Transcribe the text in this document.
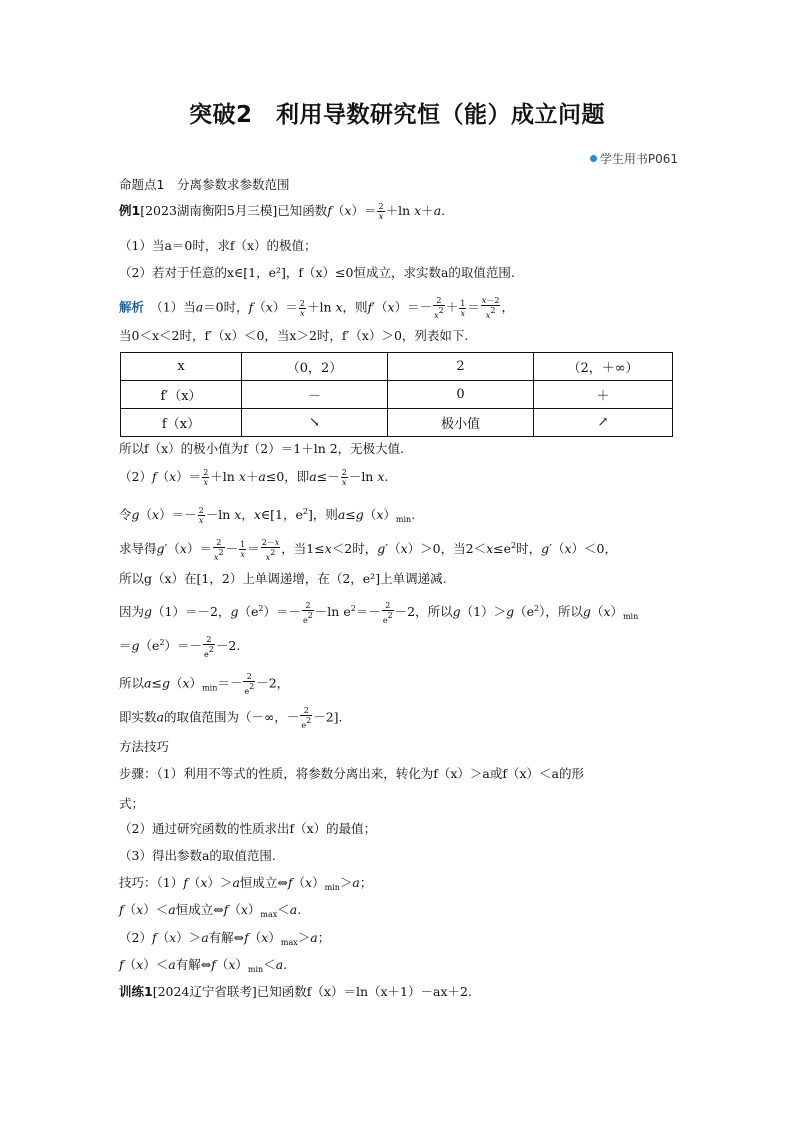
突破2　利用导数研究恒（能）成立问题
学生用书P061
命题点1　分离参数求参数范围
例1[2023湖南衡阳5月三模]已知函数$f(x)= \frac{2}{x} +\ln$ x＋a.
（1）当a＝0时，求f（x）的极值；
（2）若对于任意的x∈[1，e²]，f（x）≤0恒成立，求实数a的取值范围.
解析　（1）当a＝0时，$f(x)= \frac{2}{x} +\ln$ x，则$f'(x)=- \frac{2}{x^2} + \frac{1}{x} = \frac{x-2}{x^2}$ ，
当0＜x＜2时，f′（x）＜0，当x＞2时，f′（x）＞0，列表如下.
x	（0，2）	2	（2，＋∞）
f′（x）	－	0	＋
f（x）	↘	极小值	↗
所以f（x）的极小值为f（2）＝1＋ln 2，无极大值.
$(2)f(x)= \frac{2}{x} +\ln$ x＋a≤0，即$a\le- \frac{2}{x} -\ln$ x.
令$g(x)=- \frac{2}{x} -\ln$ x，x∈[1，$e^2$]，则$a\le g(x)_{min}$.
求导得$g'(x)= \frac{2}{x^2} - \frac{1}{x} = \frac{2-x}{x^2}$ ，当1≤x＜2时，g′（x）＞0，当$2<x\le e^2$时，g′（x）＜0，
所以g（x）在[1，2）上单调递增，在（2，e²]上单调递减.
因为g（1）＝－2，$g(e^2)=- \frac{2}{e^2} -\ln$ $e^2=- \frac{2}{e^2} -2$，所以$g(1)>g(e^2)$，所以$g(x)_{min}$
$=g(e^2)=- \frac{2}{e^2} -2$.
所以$a\le g(x)_{min}=- \frac{2}{e^2} -2$，
即实数a的取值范围为（－∞，－ $\frac{2}{e^2} -2$].
方法技巧
步骤：（1）利用不等式的性质，将参数分离出来，转化为f（x）＞a或f（x）＜a的形
式；
（2）通过研究函数的性质求出f（x）的最值；
（3）得出参数a的取值范围.
技巧：（1）f（x）＞a恒成立$\Leftrightarrow f(x)_{min}>a$；
f（x）＜a恒成立$\Leftrightarrow f(x)_{max}<a$.
（2）f（x）＞a有解$\Leftrightarrow f(x)_{max}>a$；
f（x）＜a有解$\Leftrightarrow f(x)_{min}<a$.
训练1[2024辽宁省联考]已知函数f（x）＝ln（x＋1）－ax＋2.
